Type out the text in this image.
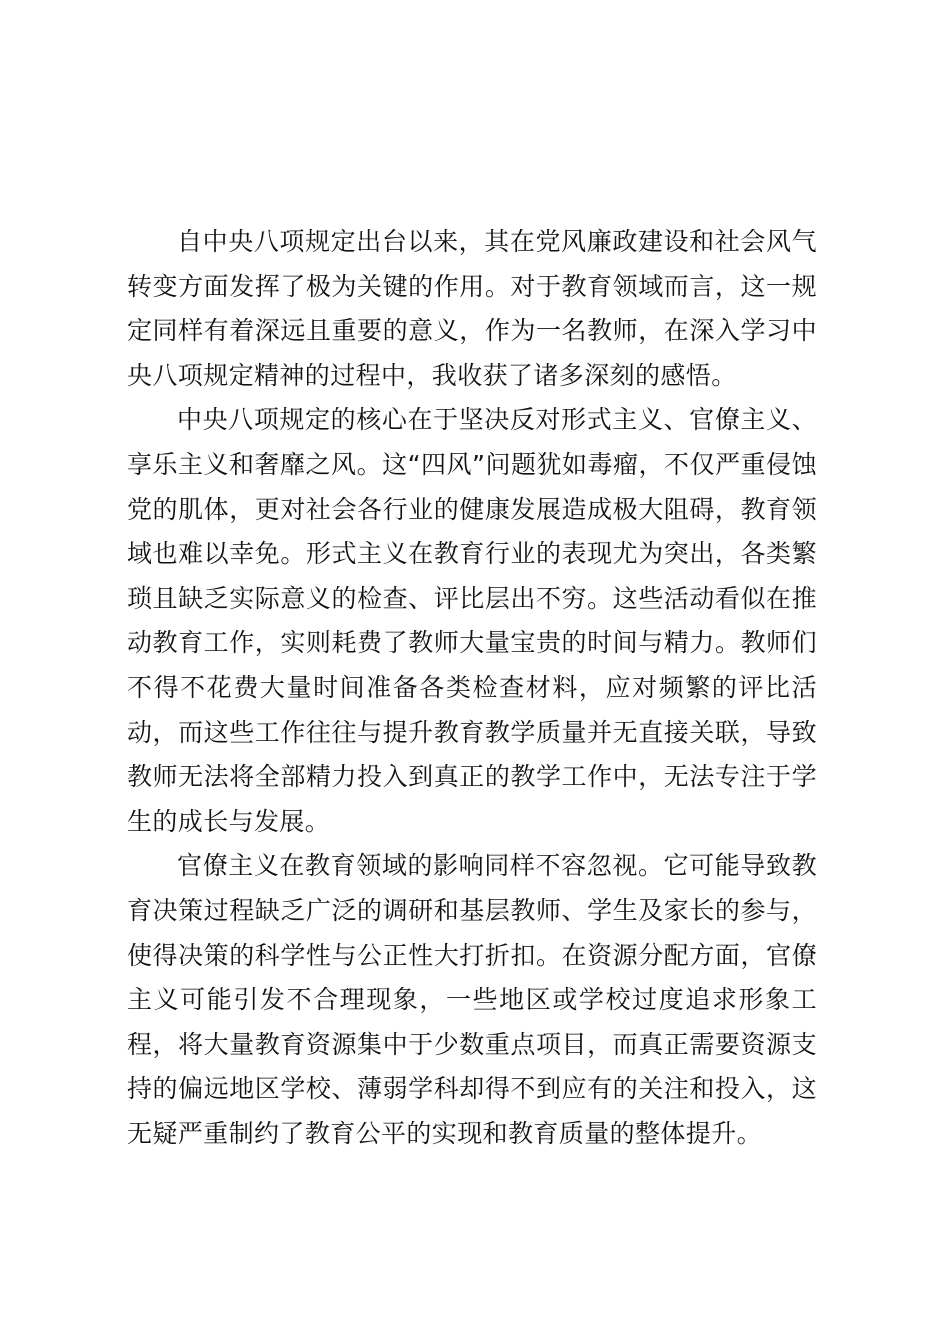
自中央八项规定出台以来，其在党风廉政建设和社会风气转变方面发挥了极为关键的作用。对于教育领域而言，这一规定同样有着深远且重要的意义，作为一名教师，在深入学习中央八项规定精神的过程中，我收获了诸多深刻的感悟。

中央八项规定的核心在于坚决反对形式主义、官僚主义、享乐主义和奢靡之风。这“四风”问题犹如毒瘤，不仅严重侵蚀党的肌体，更对社会各行业的健康发展造成极大阻碍，教育领域也难以幸免。形式主义在教育行业的表现尤为突出，各类繁琐且缺乏实际意义的检查、评比层出不穷。这些活动看似在推动教育工作，实则耗费了教师大量宝贵的时间与精力。教师们不得不花费大量时间准备各类检查材料，应对频繁的评比活动，而这些工作往往与提升教育教学质量并无直接关联，导致教师无法将全部精力投入到真正的教学工作中，无法专注于学生的成长与发展。

官僚主义在教育领域的影响同样不容忽视。它可能导致教育决策过程缺乏广泛的调研和基层教师、学生及家长的参与，使得决策的科学性与公正性大打折扣。在资源分配方面，官僚主义可能引发不合理现象，一些地区或学校过度追求形象工程，将大量教育资源集中于少数重点项目，而真正需要资源支持的偏远地区学校、薄弱学科却得不到应有的关注和投入，这无疑严重制约了教育公平的实现和教育质量的整体提升。
